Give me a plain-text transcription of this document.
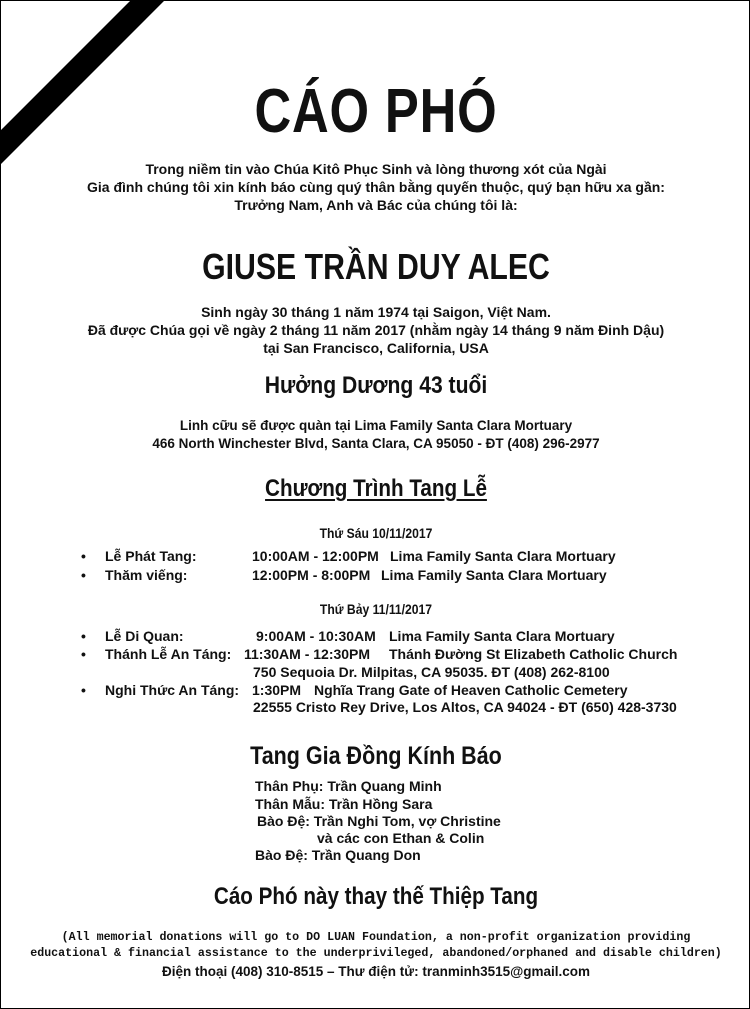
CÁO PHÓ
Trong niềm tin vào Chúa Kitô Phục Sinh và lòng thương xót của Ngài
Gia đình chúng tôi xin kính báo cùng quý thân bằng quyến thuộc, quý bạn hữu xa gần:
Trưởng Nam, Anh và Bác của chúng tôi là:
GIUSE TRẦN DUY ALEC
Sinh ngày 30 tháng 1 năm 1974 tại Saigon, Việt Nam.
Đã được Chúa gọi về ngày 2 tháng 11 năm 2017 (nhằm ngày 14 tháng 9 năm Đinh Dậu)
tại San Francisco, California, USA
Hưởng Dương 43 tuổi
Linh cữu sẽ được quàn tại Lima Family Santa Clara Mortuary
466 North Winchester Blvd, Santa Clara, CA 95050 - ĐT (408) 296-2977
Chương Trình Tang Lễ
Thứ Sáu 10/11/2017
• Lễ Phát Tang:	10:00AM - 12:00PM Lima Family Santa Clara Mortuary
• Thăm viếng:	12:00PM - 8:00PM Lima Family Santa Clara Mortuary
Thứ Bảy 11/11/2017
• Lễ Di Quan:	9:00AM - 10:30AM Lima Family Santa Clara Mortuary
• Thánh Lễ An Táng: 11:30AM - 12:30PM Thánh Đường St Elizabeth Catholic Church
750 Sequoia Dr. Milpitas, CA 95035. ĐT (408) 262-8100
• Nghi Thức An Táng: 1:30PM Nghĩa Trang Gate of Heaven Catholic Cemetery
22555 Cristo Rey Drive, Los Altos, CA 94024 - ĐT (650) 428-3730
Tang Gia Đồng Kính Báo
Thân Phụ: Trần Quang Minh
Thân Mẫu: Trần Hồng Sara
Bào Đệ: Trần Nghi Tom, vợ Christine
và các con Ethan & Colin
Bào Đệ: Trần Quang Don
Cáo Phó này thay thế Thiệp Tang
(All memorial donations will go to DO LUAN Foundation, a non-profit organization providing
educational & financial assistance to the underprivileged, abandoned/orphaned and disable children)
Điện thoại (408) 310-8515 – Thư điện tử: tranminh3515@gmail.com
